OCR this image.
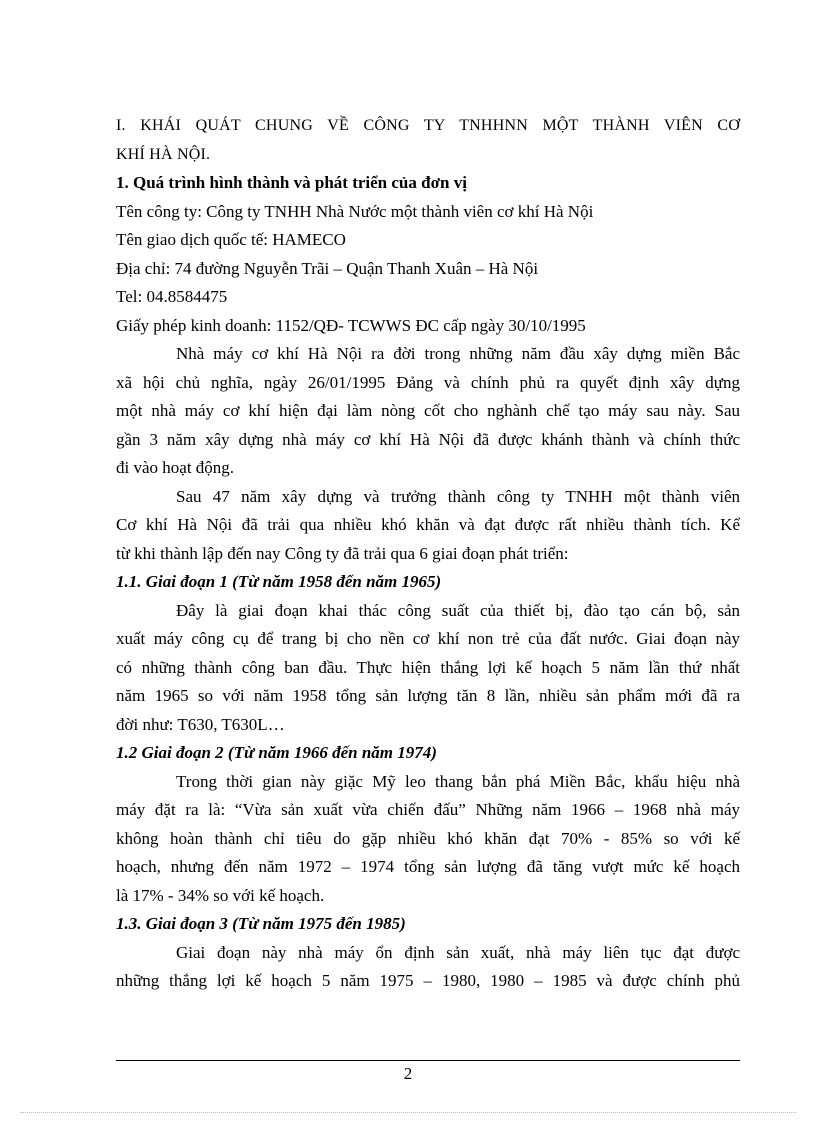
I. KHÁI QUÁT CHUNG VỀ CÔNG TY TNHHNN MỘT THÀNH VIÊN CƠ
KHÍ HÀ NỘI.
1. Quá trình hình thành và phát triển của đơn vị
Tên công ty: Công ty TNHH Nhà Nước một thành viên cơ khí Hà Nội
Tên giao dịch quốc tế: HAMECO
Địa chỉ: 74 đường Nguyễn Trãi – Quận Thanh Xuân – Hà Nội
Tel: 04.8584475
Giấy phép kinh doanh: 1152/QĐ- TCWWS ĐC cấp ngày 30/10/1995
Nhà máy cơ khí Hà Nội ra đời trong những năm đầu xây dựng miền Bắc
xã hội chủ nghĩa, ngày 26/01/1995 Đảng và chính phủ ra quyết định xây dựng
một nhà máy cơ khí hiện đại làm nòng cốt cho nghành chế tạo máy sau này. Sau
gần 3 năm xây dựng nhà máy cơ khí Hà Nội đã được khánh thành và chính thức
đi vào hoạt động.
Sau 47 năm xây dựng và trưởng thành công ty TNHH một thành viên
Cơ khí Hà Nội đã trải qua nhiều khó khăn và đạt được rất nhiều thành tích. Kể
từ khi thành lập đến nay Công ty đã trải qua 6 giai đoạn phát triển:
1.1. Giai đoạn 1 (Từ năm 1958 đến năm 1965)
Đây là giai đoạn khai thác công suất của thiết bị, đào tạo cán bộ, sản
xuất máy công cụ để trang bị cho nền cơ khí non trẻ của đất nước. Giai đoạn này
có những thành công ban đầu. Thực hiện thắng lợi kế hoạch 5 năm lần thứ nhất
năm 1965 so với năm 1958 tổng sản lượng tăn 8 lần, nhiều sản phẩm mới đã ra
đời như: T630, T630L…
1.2 Giai đoạn 2 (Từ năm 1966 đến năm 1974)
Trong thời gian này giặc Mỹ leo thang bắn phá Miền Bắc, khẩu hiệu nhà
máy đặt ra là: “Vừa sản xuất vừa chiến đấu” Những năm 1966 – 1968 nhà máy
không hoàn thành chỉ tiêu do gặp nhiều khó khăn đạt 70% - 85% so với kế
hoạch, nhưng đến năm 1972 – 1974 tổng sản lượng đã tăng vượt mức kế hoạch
là 17% - 34% so với kế hoạch.
1.3. Giai đoạn 3 (Từ năm 1975 đến 1985)
Giai đoạn này nhà máy ổn định sản xuất, nhà máy liên tục đạt được
những thắng lợi kế hoạch 5 năm 1975 – 1980, 1980 – 1985 và được chính phủ
2
